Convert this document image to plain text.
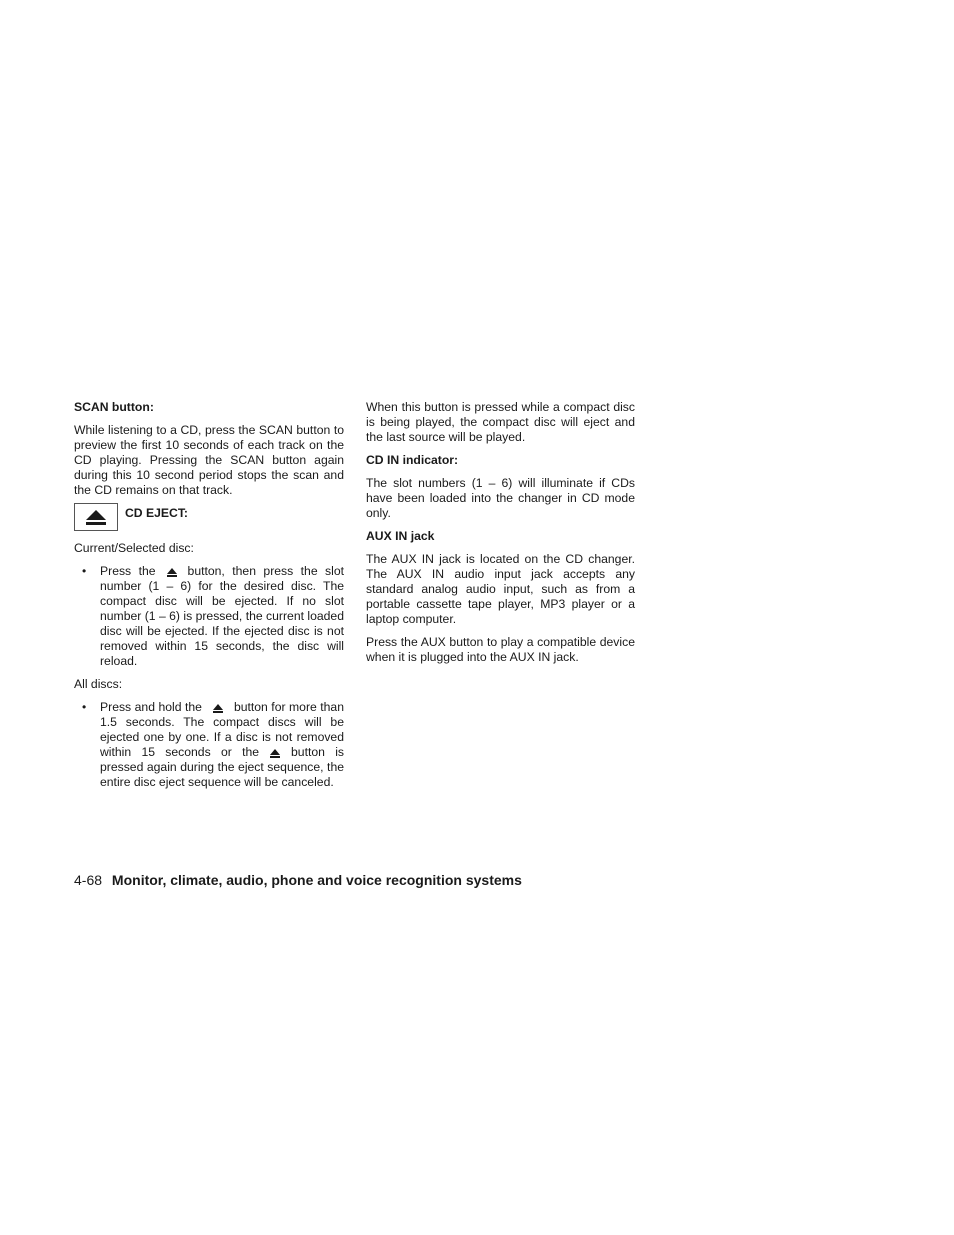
SCAN button:

While listening to a CD, press the SCAN button to preview the first 10 seconds of each track on the CD playing. Pressing the SCAN button again during this 10 second period stops the scan and the CD remains on that track.

CD EJECT:

Current/Selected disc:

• Press the	button, then press the slot number (1 – 6) for the desired disc. The compact disc will be ejected. If no slot number (1 – 6) is pressed, the current loaded disc will be ejected. If the ejected disc is not removed within 15 seconds, the disc will reload.

All discs:

• Press and hold the	button for more than 1.5 seconds. The compact discs will be ejected one by one. If a disc is not removed within 15 seconds or the	button is pressed again during the eject sequence, the entire disc eject sequence will be canceled.

When this button is pressed while a compact disc is being played, the compact disc will eject and the last source will be played.

CD IN indicator:

The slot numbers (1 – 6) will illuminate if CDs have been loaded into the changer in CD mode only.

AUX IN jack

The AUX IN jack is located on the CD changer. The AUX IN audio input jack accepts any standard analog audio input, such as from a portable cassette tape player, MP3 player or a laptop computer.

Press the AUX button to play a compatible device when it is plugged into the AUX IN jack.

4-68 Monitor, climate, audio, phone and voice recognition systems
